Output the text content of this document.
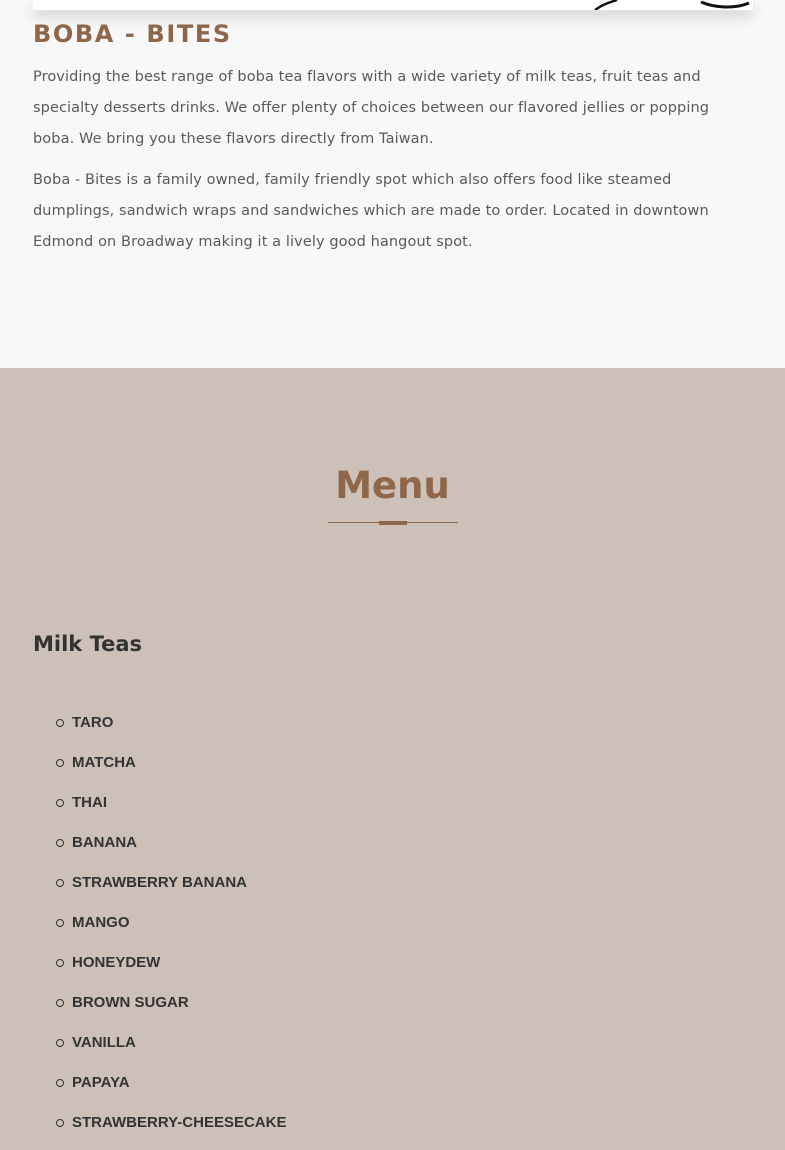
BOBA - BITES

Providing the best range of boba tea flavors with a wide variety of milk teas, fruit teas and specialty desserts drinks. We offer plenty of choices between our flavored jellies or popping boba. We bring you these flavors directly from Taiwan.

Boba - Bites is a family owned, family friendly spot which also offers food like steamed dumplings, sandwich wraps and sandwiches which are made to order. Located in downtown Edmond on Broadway making it a lively good hangout spot.

Menu
Milk Teas
TARO
MATCHA
THAI
BANANA
STRAWBERRY BANANA
MANGO
HONEYDEW
BROWN SUGAR
VANILLA
PAPAYA
STRAWBERRY-CHEESECAKE
